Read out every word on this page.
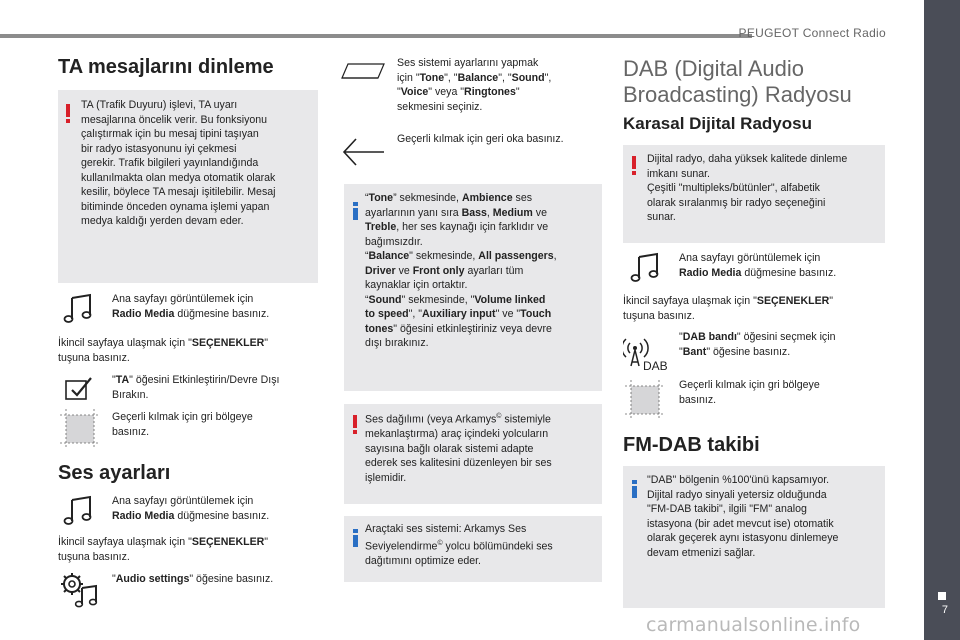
PEUGEOT Connect Radio
7
TA mesajlarını dinleme
TA (Trafik Duyuru) işlevi, TA uyarı
mesajlarına öncelik verir. Bu fonksiyonu
çalıştırmak için bu mesaj tipini taşıyan
bir radyo istasyonunu iyi çekmesi
gerekir. Trafik bilgileri yayınlandığında
kullanılmakta olan medya otomatik olarak
kesilir, böylece TA mesajı işitilebilir. Mesaj
bitiminde önceden oynama işlemi yapan
medya kaldığı yerden devam eder.
Ana sayfayı görüntülemek için
Radio Media düğmesine basınız.
İkincil sayfaya ulaşmak için "SEÇENEKLER"
tuşuna basınız.
"TA" öğesini Etkinleştirin/Devre Dışı
Bırakın.
Geçerli kılmak için gri bölgeye
basınız.
Ses ayarları
Ana sayfayı görüntülemek için
Radio Media düğmesine basınız.
İkincil sayfaya ulaşmak için "SEÇENEKLER"
tuşuna basınız.
"Audio settings" öğesine basınız.
Ses sistemi ayarlarını yapmak
için "Tone", "Balance", "Sound",
"Voice" veya "Ringtones"
sekmesini seçiniz.
Geçerli kılmak için geri oka basınız.
“Tone” sekmesinde, Ambience ses
ayarlarının yanı sıra Bass, Medium ve
Treble, her ses kaynağı için farklıdır ve
bağımsızdır.
“Balance" sekmesinde, All passengers,
Driver ve Front only ayarları tüm
kaynaklar için ortaktır.
“Sound" sekmesinde, "Volume linked
to speed", "Auxiliary input" ve "Touch
tones" öğesini etkinleştiriniz veya devre
dışı bırakınız.
Ses dağılımı (veya Arkamys© sistemiyle
mekanlaştırma) araç içindeki yolcuların
sayısına bağlı olarak sistemi adapte
ederek ses kalitesini düzenleyen bir ses
işlemidir.
Araçtaki ses sistemi: Arkamys Ses
Seviyelendirme© yolcu bölümündeki ses
dağıtımını optimize eder.
DAB (Digital Audio
Broadcasting) Radyosu
Karasal Dijital Radyosu
Dijital radyo, daha yüksek kalitede dinleme
imkanı sunar.
Çeşitli "multipleks/bütünler", alfabetik
olarak sıralanmış bir radyo seçeneğini
sunar.
Ana sayfayı görüntülemek için
Radio Media düğmesine basınız.
İkincil sayfaya ulaşmak için "SEÇENEKLER"
tuşuna basınız.
DAB
"DAB bandı" öğesini seçmek için
"Bant" öğesine basınız.
Geçerli kılmak için gri bölgeye
basınız.
FM-DAB takibi
"DAB" bölgenin %100'ünü kapsamıyor.
Dijital radyo sinyali yetersiz olduğunda
"FM-DAB takibi", ilgili "FM" analog
istasyona (bir adet mevcut ise) otomatik
olarak geçerek aynı istasyonu dinlemeye
devam etmenizi sağlar.
carmanualsonline.info
